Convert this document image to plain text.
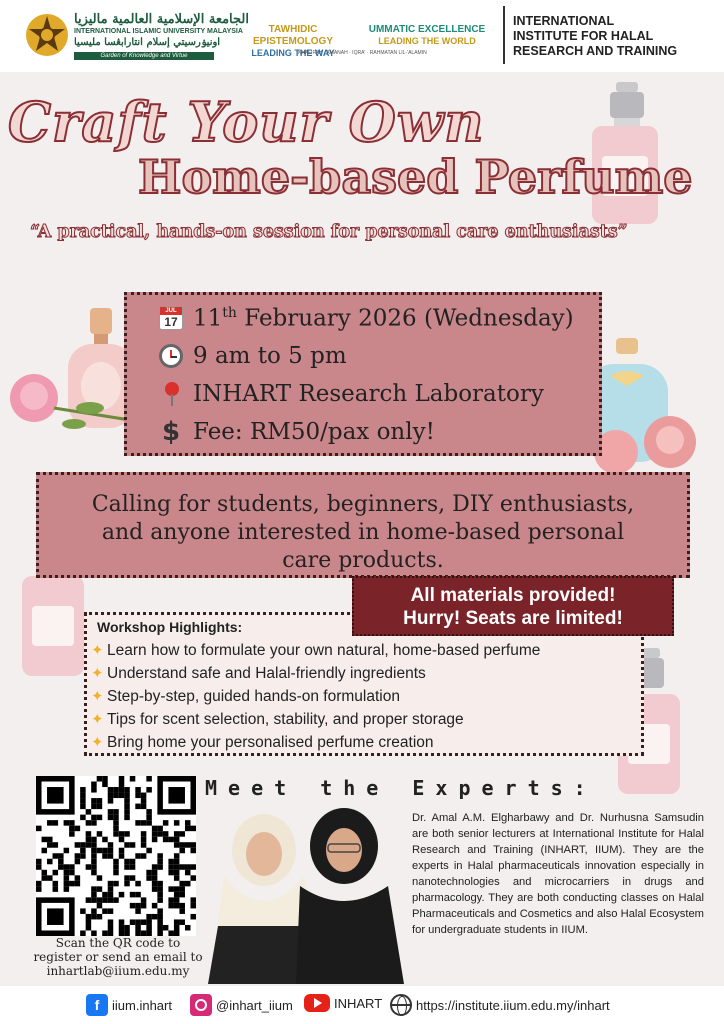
الجامعة الإسلامية العالمية ماليزيا
INTERNATIONAL ISLAMIC UNIVERSITY MALAYSIA
اونيۏرسيتي إسلام انتارابڠسا مليسيا
Garden of Knowledge and Virtue
TAWHIDIC EPISTEMOLOGY
LEADING THE WAY
UMMATIC EXCELLENCE
LEADING THE WORLD
KHALIFAH · AMANAH · IQRA' · RAHMATAN LIL-'ALAMIN
INTERNATIONAL
INSTITUTE FOR HALAL
RESEARCH AND TRAINING
Craft Your Own
Home-based Perfume
“A practical, hands-on session for personal care enthusiasts”
JUL
17 11th February 2026 (Wednesday)
9 am to 5 pm
INHART Research Laboratory
$ Fee: RM50/pax only!
Calling for students, beginners, DIY enthusiasts,
and anyone interested in home-based personal
care products.
Workshop Highlights:
✦ Learn how to formulate your own natural, home-based perfume
✦ Understand safe and Halal-friendly ingredients
✦ Step-by-step, guided hands-on formulation
✦ Tips for scent selection, stability, and proper storage
✦ Bring home your personalised perfume creation
All materials provided!
Hurry! Seats are limited!
Scan the QR code to
register or send an email to
inhartlab@iium.edu.my
Meet the Experts:
Dr. Amal A.M. Elgharbawy and Dr. Nurhusna Samsudin are both senior lecturers at International Institute for Halal Research and Training (INHART, IIUM). They are the experts in Halal pharmaceuticals innovation especially in nanotechnologies and microcarriers in drugs and pharmacology. They are both conducting classes on Halal Pharmaceuticals and Cosmetics and also Halal Ecosystem for undergraduate students in IIUM.
f iium.inhart	@inhart_iium	INHART	https://institute.iium.edu.my/inhart
